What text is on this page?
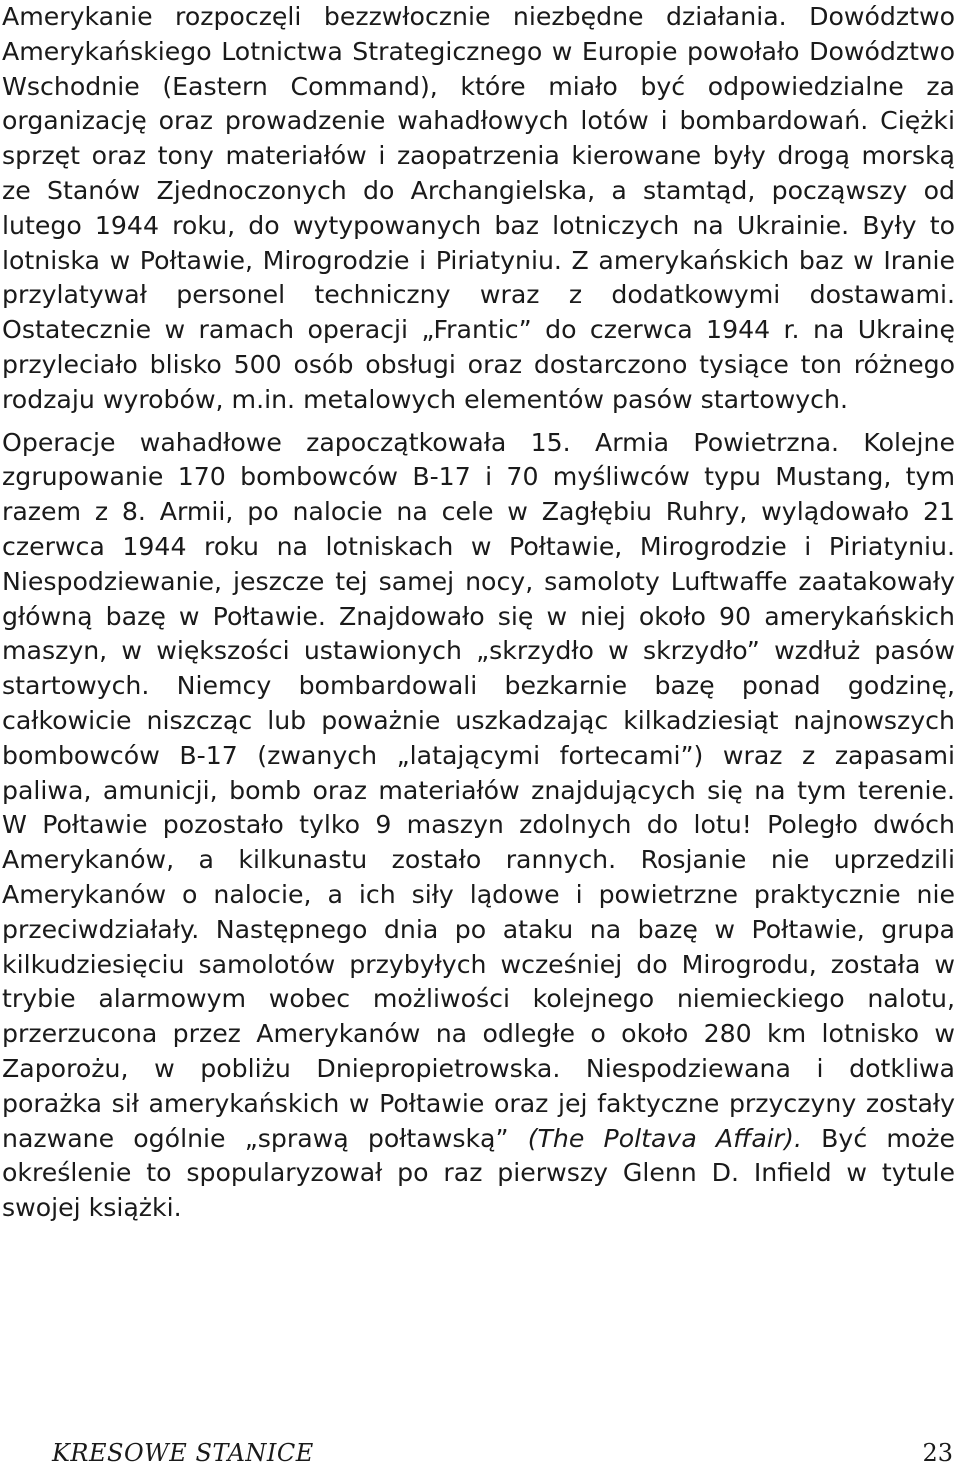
Amerykanie rozpoczęli bezzwłocznie niezbędne działania. Dowództwo Amerykańskiego Lotnictwa Strategicznego w Europie powołało Dowództwo Wschodnie (Eastern Command), które miało być odpowiedzialne za organizację oraz prowadzenie wahadłowych lotów i bombardowań. Ciężki sprzęt oraz tony materiałów i zaopatrzenia kierowane były drogą morską ze Stanów Zjednoczonych do Archangielska, a stamtąd, począwszy od lutego 1944 roku, do wytypowanych baz lotniczych na Ukrainie. Były to lotniska w Połtawie, Mirogrodzie i Piriatyniu. Z amerykańskich baz w Iranie przylatywał personel techniczny wraz z dodatkowymi dostawami. Ostatecznie w ramach operacji „Frantic” do czerwca 1944 r. na Ukrainę przyleciało blisko 500 osób obsługi oraz dostarczono tysiące ton różnego rodzaju wyrobów, m.in. metalowych elementów pasów startowych.

Operacje wahadłowe zapoczątkowała 15. Armia Powietrzna. Kolejne zgrupowanie 170 bombowców B-17 i 70 myśliwców typu Mustang, tym razem z 8. Armii, po nalocie na cele w Zagłębiu Ruhry, wylądowało 21 czerwca 1944 roku na lotniskach w Połtawie, Mirogrodzie i Piriatyniu. Niespodziewanie, jeszcze tej samej nocy, samoloty Luftwaffe zaatakowały główną bazę w Połtawie. Znajdowało się w niej około 90 amerykańskich maszyn, w większości ustawionych „skrzydło w skrzydło” wzdłuż pasów startowych. Niemcy bombardowali bezkarnie bazę ponad godzinę, całkowicie niszcząc lub poważnie uszkadzając kilkadziesiąt najnowszych bombowców B-17 (zwanych „latającymi fortecami”) wraz z zapasami paliwa, amunicji, bomb oraz materiałów znajdujących się na tym terenie. W Połtawie pozostało tylko 9 maszyn zdolnych do lotu! Poległo dwóch Amerykanów, a kilkunastu zostało rannych. Rosjanie nie uprzedzili Amerykanów o nalocie, a ich siły lądowe i powietrzne praktycznie nie przeciwdziałały. Następnego dnia po ataku na bazę w Połtawie, grupa kilkudziesięciu samolotów przybyłych wcześniej do Mirogrodu, została w trybie alarmowym wobec możliwości kolejnego niemieckiego nalotu, przerzucona przez Amerykanów na odległe o około 280 km lotnisko w Zaporożu, w pobliżu Dniepropietrowska. Niespodziewana i dotkliwa porażka sił amerykańskich w Połtawie oraz jej faktyczne przyczyny zostały nazwane ogólnie „sprawą połtawską” (The Poltava Affair). Być może określenie to spopularyzował po raz pierwszy Glenn D. Infield w tytule swojej książki.

KRESOWE STANICE	23
